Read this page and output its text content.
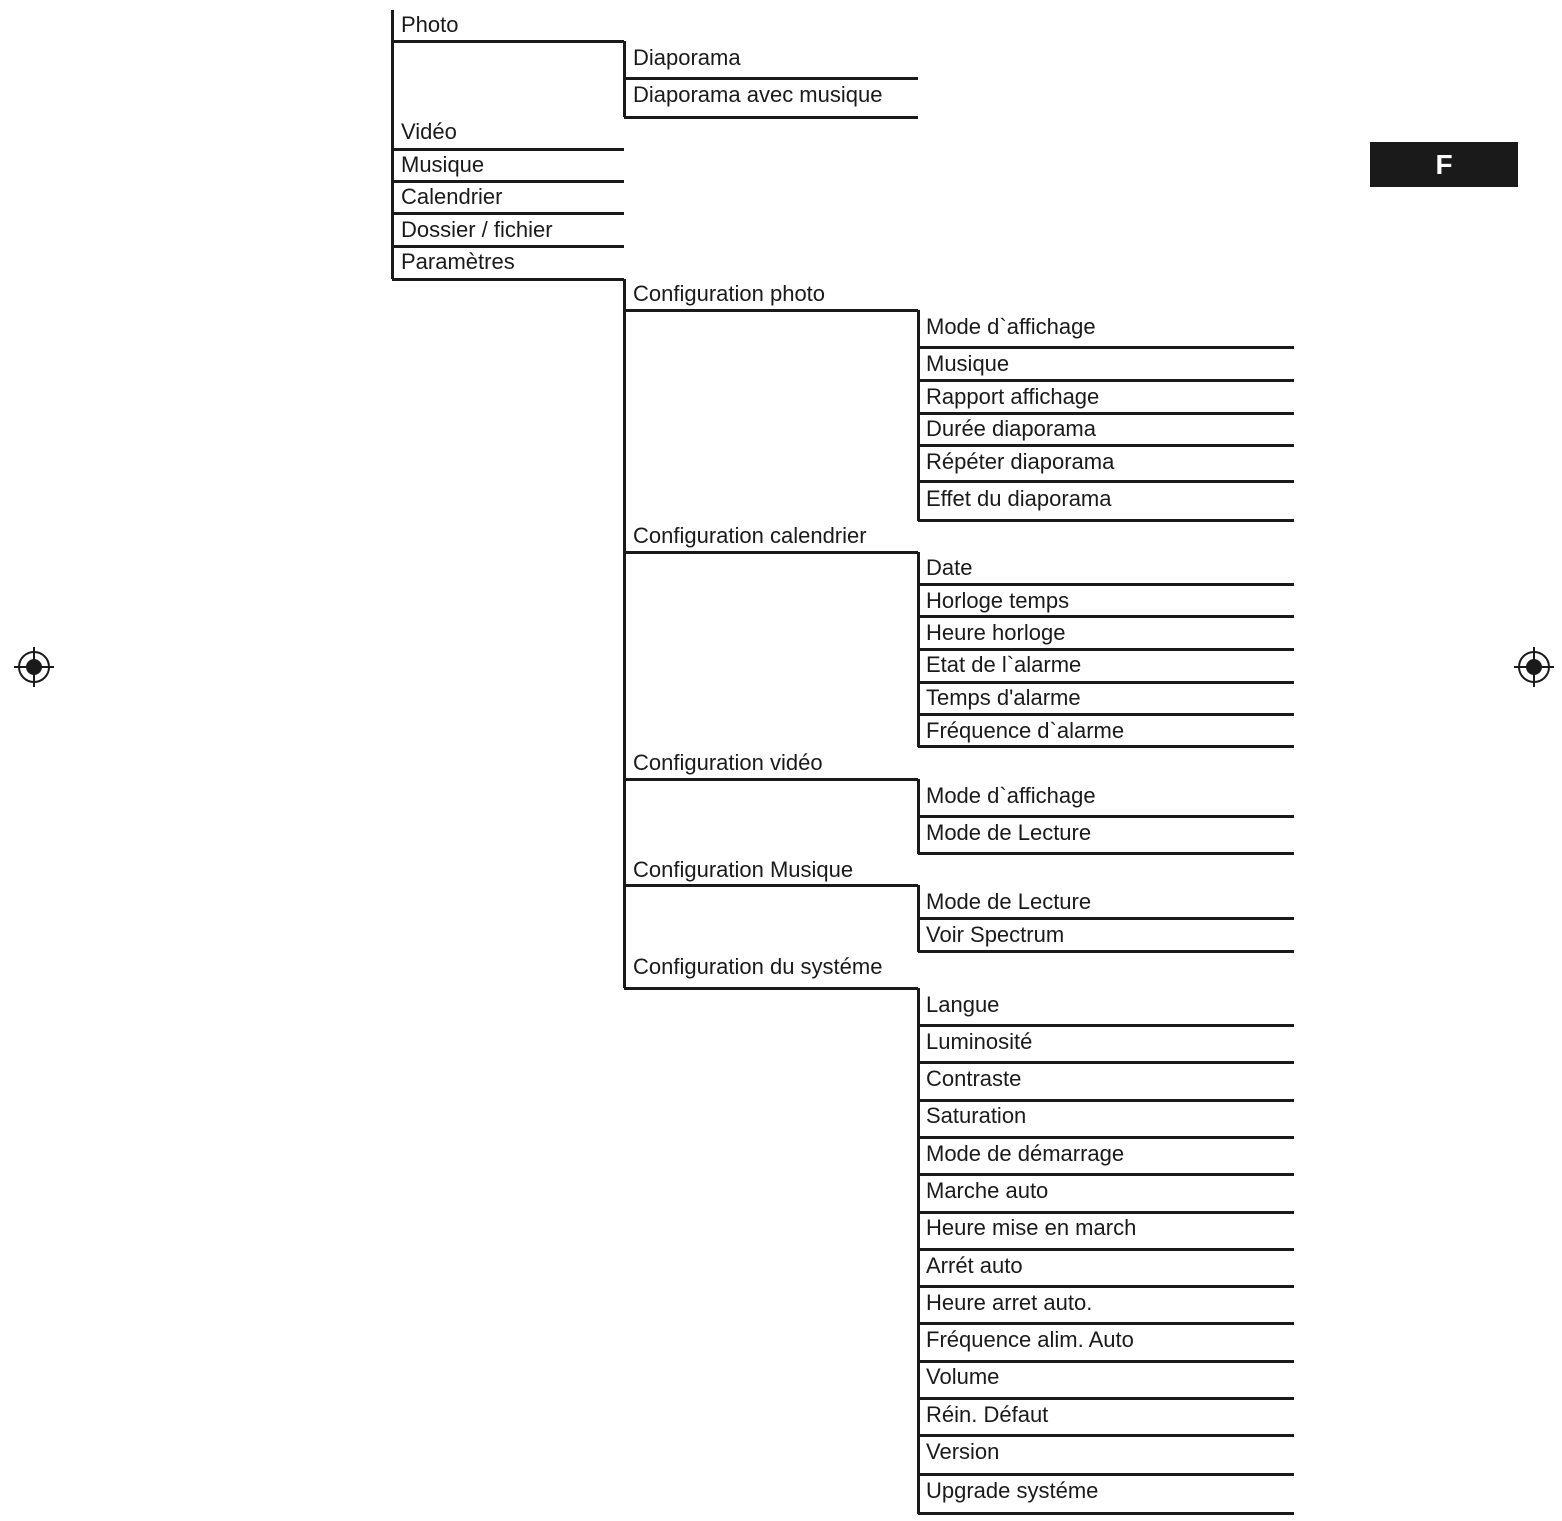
F
Photo
Vidéo
Musique
Calendrier
Dossier / fichier
Paramètres
Diaporama
Diaporama avec musique
Configuration photo
Configuration calendrier
Configuration vidéo
Configuration Musique
Configuration du systéme
Mode d`affichage
Musique
Rapport affichage
Durée diaporama
Répéter diaporama
Effet du diaporama
Date
Horloge temps
Heure horloge
Etat de l`alarme
Temps d'alarme
Fréquence d`alarme
Mode d`affichage
Mode de Lecture
Mode de Lecture
Voir Spectrum
Langue
Luminosité
Contraste
Saturation
Mode de démarrage
Marche auto
Heure mise en march
Arrét auto
Heure arret auto.
Fréquence alim. Auto
Volume
Réin. Défaut
Version
Upgrade systéme
